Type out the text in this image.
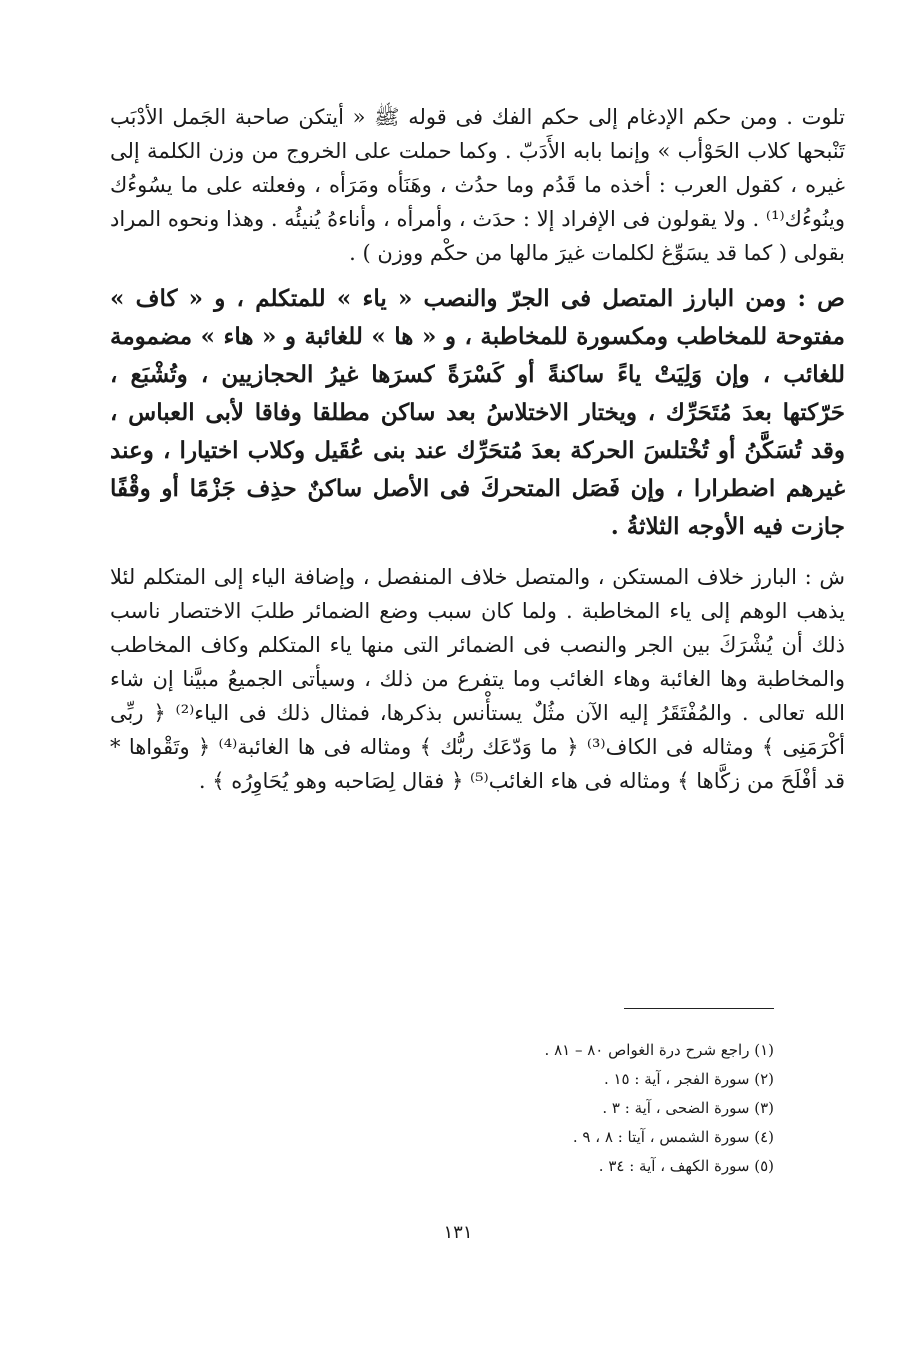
تلوت . ومن حكم الإدغام إلى حكم الفك فى قوله ﷺ « أيتكن صاحبة الجَمل الأدْبَب تَنْبحها كلاب الحَوْأب » وإنما بابه الأَدَبّ . وكما حملت على الخروج من وزن الكلمة إلى غيره ، كقول العرب : أخذه ما قَدُم وما حدُث ، وهَنَأه ومَرَأه ، وفعلته على ما يسُوءُك وينُوءُك⁽¹⁾ . ولا يقولون فى الإفراد إلا : حدَث ، وأمرأه ، وأناءهُ يُنيئُه . وهذا ونحوه المراد بقولى ( كما قد يسَوِّغ لكلمات غيرَ مالها من حكْم ووزن ) .

ص : ومن البارز المتصل فى الجرّ والنصب « ياء » للمتكلم ، و « كاف » مفتوحة للمخاطب ومكسورة للمخاطبة ، و « ها » للغائبة و « هاء » مضمومة للغائب ، وإن وَلِيَتْ ياءً ساكنةً أو كَسْرَةً كسرَها غيرُ الحجازيين ، وتُشْبَع ، حَرّكتها بعدَ مُتَحَرِّك ، ويختار الاختلاسُ بعد ساكن مطلقا وفاقا لأبى العباس ، وقد تُسَكَّنُ أو تُخْتلسَ الحركة بعدَ مُتحَرِّك عند بنى عُقَيل وكلاب اختيارا ، وعند غيرهم اضطرارا ، وإن فَصَل المتحركَ فى الأصل ساكنٌ حذِف جَزْمًا أو وقْفًا جازت فيه الأوجه الثلاثةُ .

ش : البارز خلاف المستكن ، والمتصل خلاف المنفصل ، وإضافة الياء إلى المتكلم لئلا يذهب الوهم إلى ياء المخاطبة . ولما كان سبب وضع الضمائر طلبَ الاختصار ناسب ذلك أن يُشْرَكَ بين الجر والنصب فى الضمائر التى منها ياء المتكلم وكاف المخاطب والمخاطبة وها الغائبة وهاء الغائب وما يتفرع من ذلك ، وسيأتى الجميعُ مبيَّنا إن شاء الله تعالى . والمُفْتَقَرُ إليه الآن مثُلٌ يستأْنس بذكرها، فمثال ذلك فى الياء⁽²⁾ ﴿ ربِّى أكْرَمَنِى ﴾ ومثاله فى الكاف⁽³⁾ ﴿ ما وَدّعَك ربُّك ﴾ ومثاله فى ها الغائبة⁽⁴⁾ ﴿ وتَقْواها * قد أفْلَحَ من زكَّاها ﴾ ومثاله فى هاء الغائب⁽⁵⁾ ﴿ فقال لِصَاحبه وهو يُحَاوِرُه ﴾ .

(١) راجع شرح درة الغواص ٨٠ – ٨١ .

(٢) سورة الفجر ، آية : ١٥ .

(٣) سورة الضحى ، آية : ٣ .

(٤) سورة الشمس ، آيتا : ٨ ، ٩ .

(٥) سورة الكهف ، آية : ٣٤ .

١٣١
